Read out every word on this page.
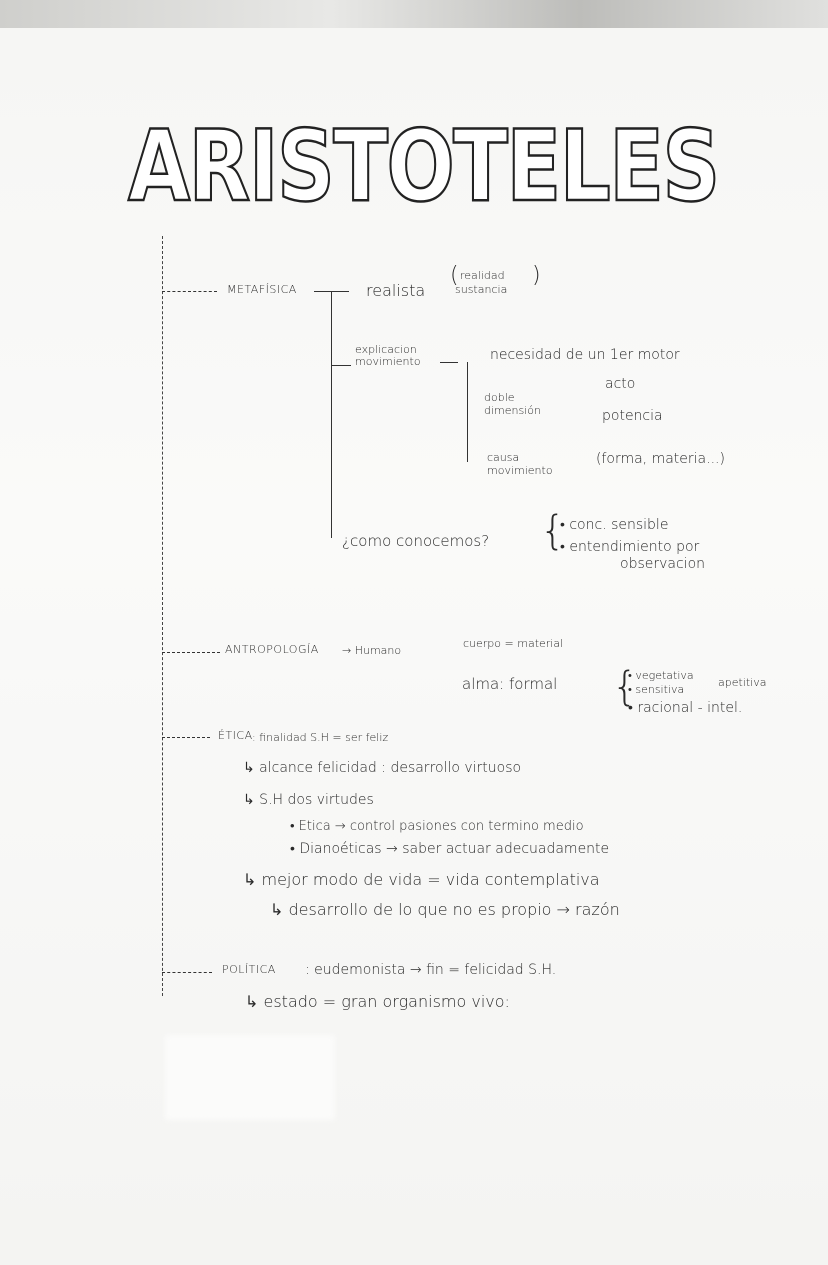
ARISTOTELES
METAFÍSICA	realista
( realidad
sustancia
)
explicacion
movimiento	necesidad de un 1er motor
doble
dimensión
acto
potencia
causa
movimiento
(forma, materia...)
¿como conocemos? {
• conc. sensible
• entendimiento por
observacion
ANTROPOLOGÍA → Humano
cuerpo = material
alma: formal {
• vegetativa
• sensitiva
• racional - intel.
apetitiva
ÉTICA : finalidad S.H = ser feliz
↳ alcance felicidad : desarrollo virtuoso
↳ S.H dos virtudes
• Etica → control pasiones con termino medio
• Dianoéticas → saber actuar adecuadamente
↳ mejor modo de vida = vida contemplativa
↳ desarrollo de lo que no es propio → razón
POLÍTICA : eudemonista → fin = felicidad S.H.
↳ estado = gran organismo vivo:
